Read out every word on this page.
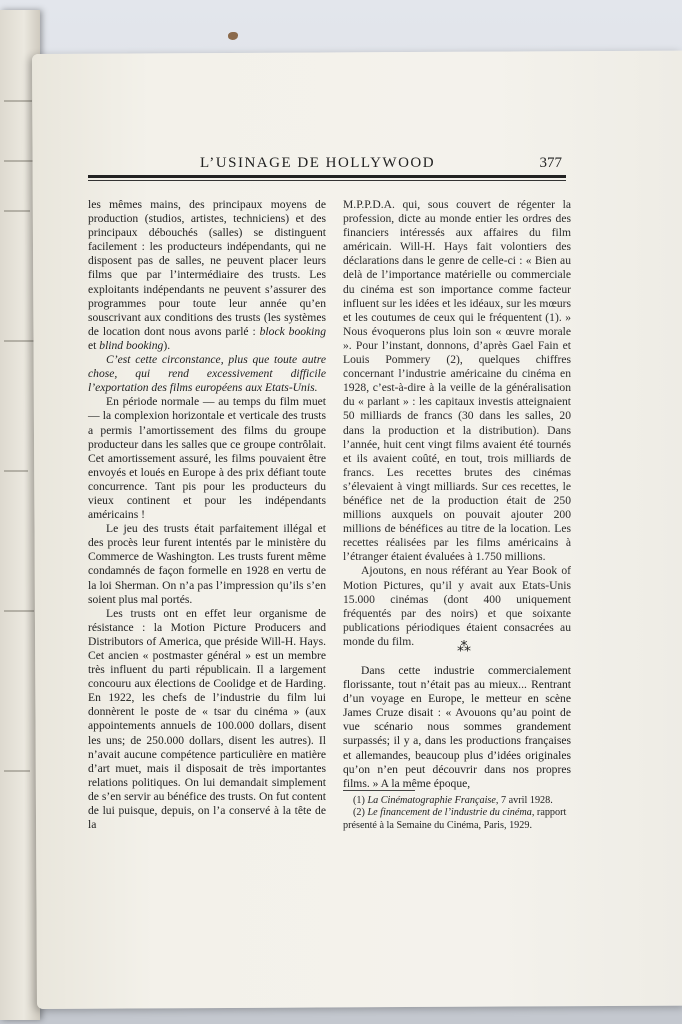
L’USINAGE DE HOLLYWOOD	377

les mêmes mains, des principaux moyens de production (studios, artistes, techniciens) et des principaux débouchés (salles) se distinguent facilement : les producteurs indépendants, qui ne disposent pas de salles, ne peuvent placer leurs films que par l’intermédiaire des trusts. Les exploitants indépendants ne peuvent s’assurer des programmes pour toute leur année qu’en souscrivant aux conditions des trusts (les systèmes de location dont nous avons parlé : block booking et blind booking).

C’est cette circonstance, plus que toute autre chose, qui rend excessivement difficile l’exportation des films européens aux Etats-Unis.

En période normale — au temps du film muet — la complexion horizontale et verticale des trusts a permis l’amortissement des films du groupe producteur dans les salles que ce groupe contrôlait. Cet amortissement assuré, les films pouvaient être envoyés et loués en Europe à des prix défiant toute concurrence. Tant pis pour les producteurs du vieux continent et pour les indépendants américains !

Le jeu des trusts était parfaitement illégal et des procès leur furent intentés par le ministère du Commerce de Washington. Les trusts furent même condamnés de façon formelle en 1928 en vertu de la loi Sherman. On n’a pas l’impression qu’ils s’en soient plus mal portés.

Les trusts ont en effet leur organisme de résistance : la Motion Picture Producers and Distributors of America, que préside Will-H. Hays. Cet ancien « postmaster général » est un membre très influent du parti républicain. Il a largement concouru aux élections de Coolidge et de Harding. En 1922, les chefs de l’industrie du film lui donnèrent le poste de « tsar du cinéma » (aux appointements annuels de 100.000 dollars, disent les uns; de 250.000 dollars, disent les autres). Il n’avait aucune compétence particulière en matière d’art muet, mais il disposait de très importantes relations politiques. On lui demandait simplement de s’en servir au bénéfice des trusts. On fut content de lui puisque, depuis, on l’a conservé à la tête de la

M.P.P.D.A. qui, sous couvert de régenter la profession, dicte au monde entier les ordres des financiers intéressés aux affaires du film américain. Will-H. Hays fait volontiers des déclarations dans le genre de celle-ci : « Bien au delà de l’importance matérielle ou commerciale du cinéma est son importance comme facteur influent sur les idées et les idéaux, sur les mœurs et les coutumes de ceux qui le fréquentent (1). » Nous évoquerons plus loin son « œuvre morale ». Pour l’instant, donnons, d’après Gael Fain et Louis Pommery (2), quelques chiffres concernant l’industrie américaine du cinéma en 1928, c’est-à-dire à la veille de la généralisation du « parlant » : les capitaux investis atteignaient 50 milliards de francs (30 dans les salles, 20 dans la production et la distribution). Dans l’année, huit cent vingt films avaient été tournés et ils avaient coûté, en tout, trois milliards de francs. Les recettes brutes des cinémas s’élevaient à vingt milliards. Sur ces recettes, le bénéfice net de la production était de 250 millions auxquels on pouvait ajouter 200 millions de bénéfices au titre de la location. Les recettes réalisées par les films américains à l’étranger étaient évaluées à 1.750 millions.

Ajoutons, en nous référant au Year Book of Motion Pictures, qu’il y avait aux Etats-Unis 15.000 cinémas (dont 400 uniquement fréquentés par des noirs) et que soixante publications périodiques étaient consacrées au monde du film.	⁂

Dans cette industrie commercialement florissante, tout n’était pas au mieux... Rentrant d’un voyage en Europe, le metteur en scène James Cruze disait : « Avouons qu’au point de vue scénario nous sommes grandement surpassés; il y a, dans les productions françaises et allemandes, beaucoup plus d’idées originales qu’on n’en peut découvrir dans nos propres films. » A la même époque,

(1) La Cinématographie Française, 7 avril 1928.

(2) Le financement de l’industrie du cinéma, rapport présenté à la Semaine du Cinéma, Paris, 1929.
